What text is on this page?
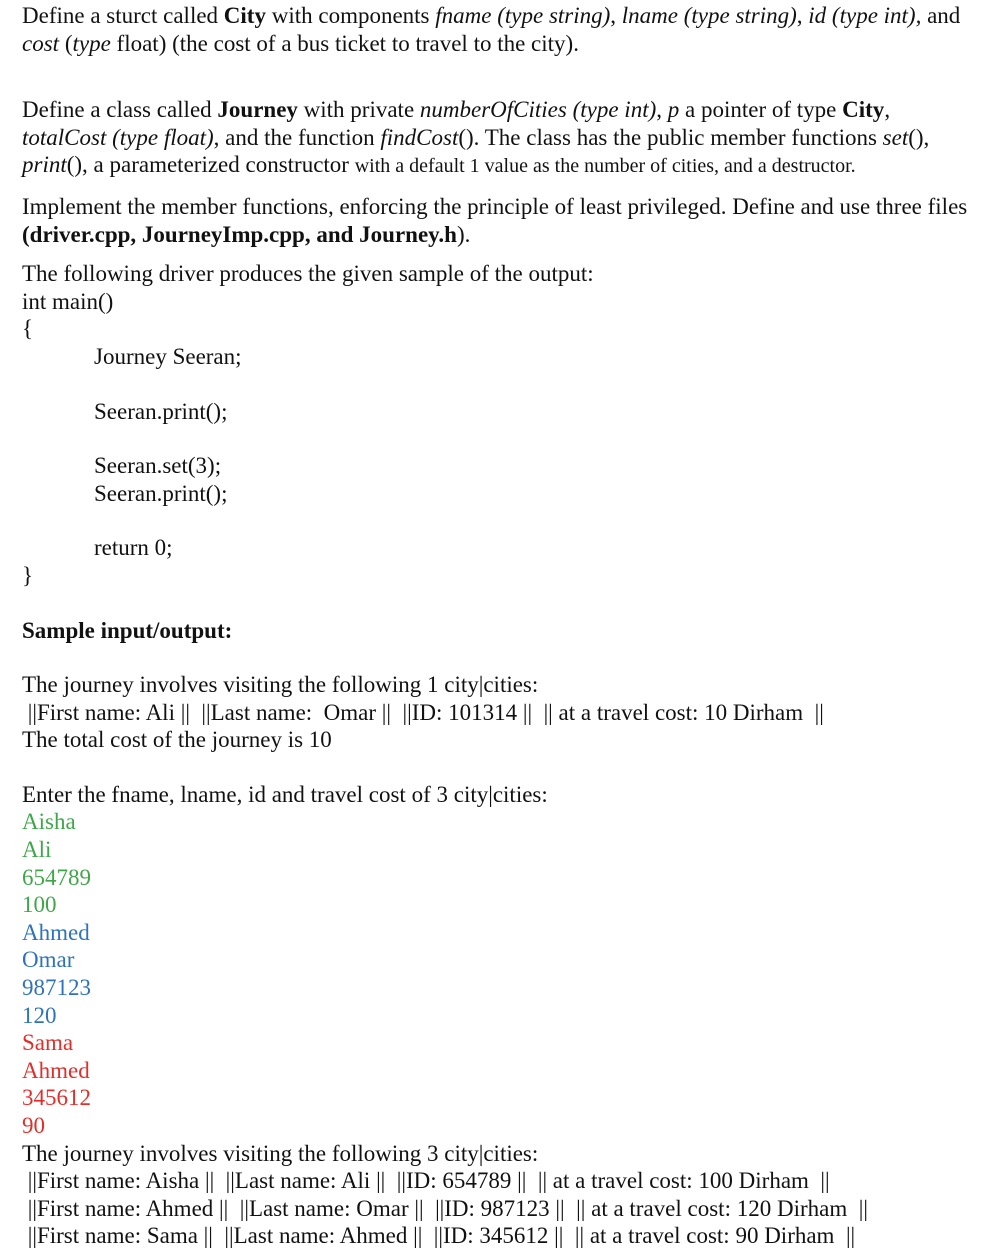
Define a sturct called City with components fname (type string), lname (type string), id (type int), and

cost (type float) (the cost of a bus ticket to travel to the city).

Define a class called Journey with private numberOfCities (type int), p a pointer of type City,

totalCost (type float), and the function findCost(). The class has the public member functions set(),

print(), a parameterized constructor with a default 1 value as the number of cities, and a destructor.

Implement the member functions, enforcing the principle of least privileged. Define and use three files

(driver.cpp, JourneyImp.cpp, and Journey.h).

The following driver produces the given sample of the output:

int main()

{

Journey Seeran;

Seeran.print();

Seeran.set(3);

Seeran.print();

return 0;

}

Sample input/output:

The journey involves visiting the following 1 city|cities:

||First name: Ali ||  ||Last name:  Omar ||  ||ID: 101314 ||  || at a travel cost: 10 Dirham  ||

The total cost of the journey is 10

Enter the fname, lname, id and travel cost of 3 city|cities:

Aisha

Ali

654789

100

Ahmed

Omar

987123

120

Sama

Ahmed

345612

90

The journey involves visiting the following 3 city|cities:

||First name: Aisha ||  ||Last name: Ali ||  ||ID: 654789 ||  || at a travel cost: 100 Dirham  ||

||First name: Ahmed ||  ||Last name: Omar ||  ||ID: 987123 ||  || at a travel cost: 120 Dirham  ||

||First name: Sama ||  ||Last name: Ahmed ||  ||ID: 345612 ||  || at a travel cost: 90 Dirham  ||
